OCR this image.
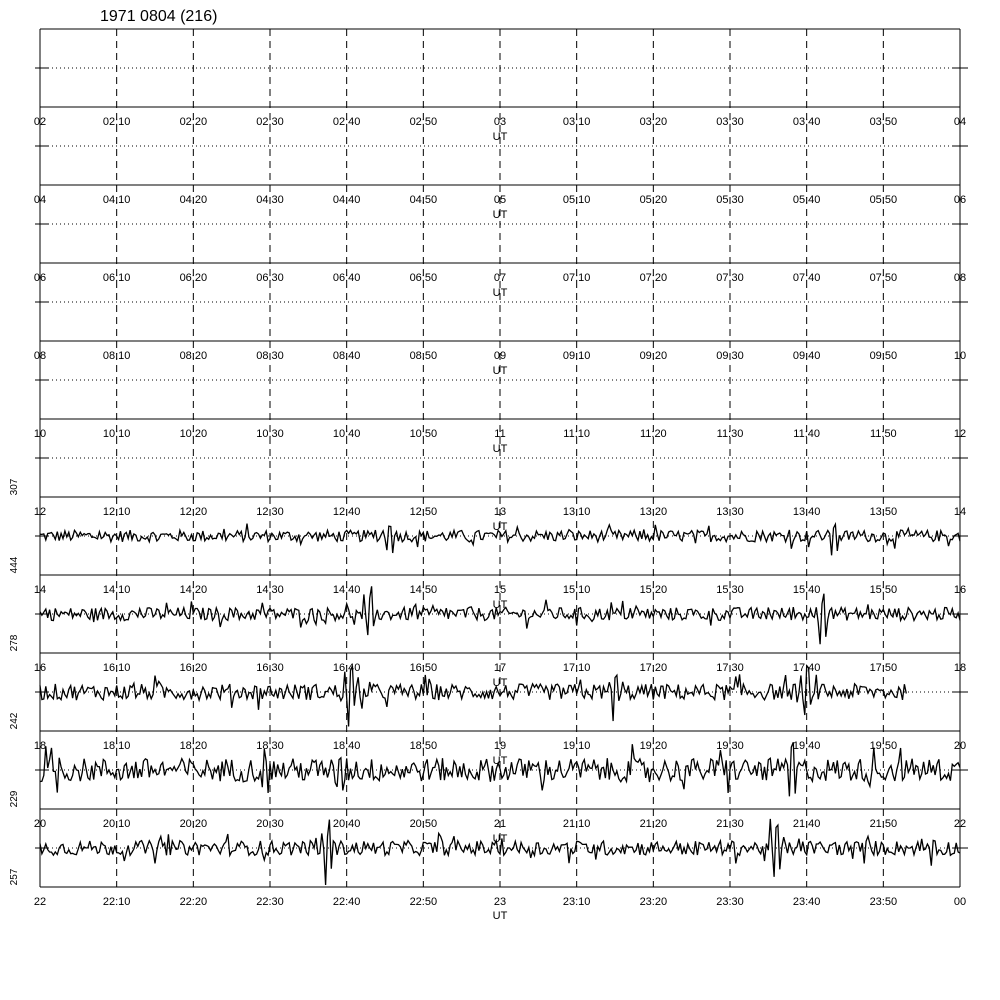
1971 0804 (216)
307
444
278
242
229
257
02	02:10	02:20	02:30	02:40	02:50	03	03:10	03:20	03:30	03:40	03:50	04
UT
04	04:10	04:20	04:30	04:40	04:50	05	05:10	05:20	05:30	05:40	05:50	06
UT
06	06:10	06:20	06:30	06:40	06:50	07	07:10	07:20	07:30	07:40	07:50	08
UT
08	08:10	08:20	08:30	08:40	08:50	09	09:10	09:20	09:30	09:40	09:50	10
UT
10	10:10	10:20	10:30	10:40	10:50	11	11:10	11:20	11:30	11:40	11:50	12
UT
12	12:10	12:20	12:30	12:40	12:50	13	13:10	13:20	13:30	13:40	13:50	14
UT
14	14:10	14:20	14:30	14:40	14:50	15	15:10	15:20	15:30	15:40	15:50	16
UT
16	16:10	16:20	16:30	16:40	16:50	17	17:10	17:20	17:30	17:40	17:50	18
UT
18	18:10	18:20	18:30	18:40	18:50	19	19:10	19:20	19:30	19:40	19:50	20
UT
20	20:10	20:20	20:30	20:40	20:50	21	21:10	21:20	21:30	21:40	21:50	22
UT
22	22:10	22:20	22:30	22:40	22:50	23	23:10	23:20	23:30	23:40	23:50	00
UT
